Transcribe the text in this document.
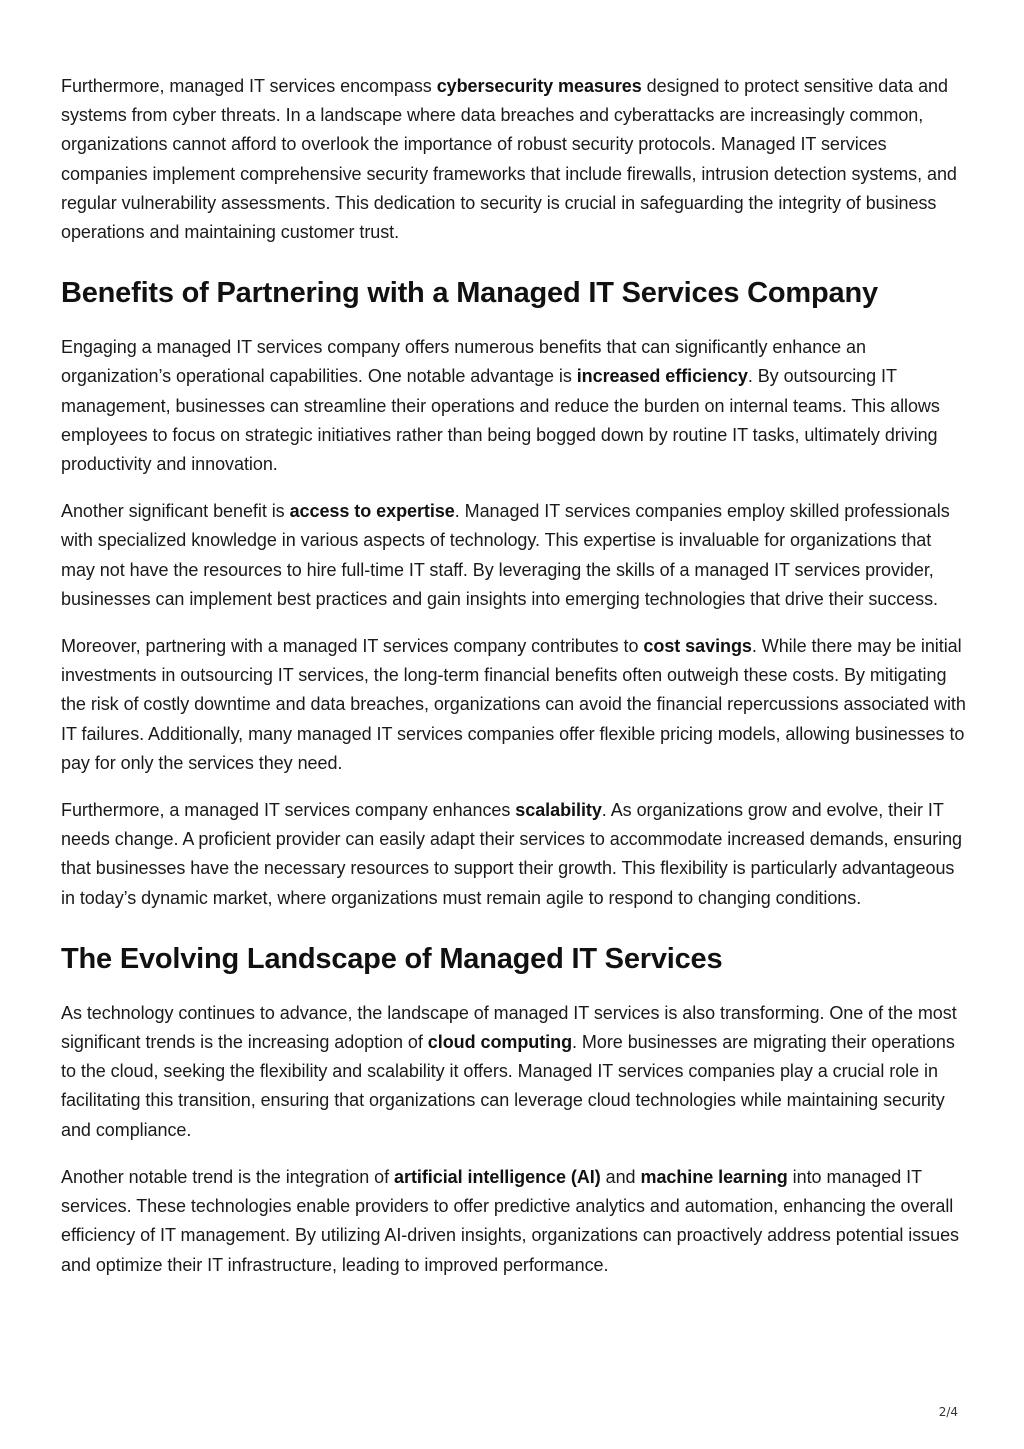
Furthermore, managed IT services encompass cybersecurity measures designed to protect sensitive data and systems from cyber threats. In a landscape where data breaches and cyberattacks are increasingly common, organizations cannot afford to overlook the importance of robust security protocols. Managed IT services companies implement comprehensive security frameworks that include firewalls, intrusion detection systems, and regular vulnerability assessments. This dedication to security is crucial in safeguarding the integrity of business operations and maintaining customer trust.

Benefits of Partnering with a Managed IT Services Company

Engaging a managed IT services company offers numerous benefits that can significantly enhance an organization’s operational capabilities. One notable advantage is increased efficiency. By outsourcing IT management, businesses can streamline their operations and reduce the burden on internal teams. This allows employees to focus on strategic initiatives rather than being bogged down by routine IT tasks, ultimately driving productivity and innovation.

Another significant benefit is access to expertise. Managed IT services companies employ skilled professionals with specialized knowledge in various aspects of technology. This expertise is invaluable for organizations that may not have the resources to hire full-time IT staff. By leveraging the skills of a managed IT services provider, businesses can implement best practices and gain insights into emerging technologies that drive their success.

Moreover, partnering with a managed IT services company contributes to cost savings. While there may be initial investments in outsourcing IT services, the long-term financial benefits often outweigh these costs. By mitigating the risk of costly downtime and data breaches, organizations can avoid the financial repercussions associated with IT failures. Additionally, many managed IT services companies offer flexible pricing models, allowing businesses to pay for only the services they need.

Furthermore, a managed IT services company enhances scalability. As organizations grow and evolve, their IT needs change. A proficient provider can easily adapt their services to accommodate increased demands, ensuring that businesses have the necessary resources to support their growth. This flexibility is particularly advantageous in today’s dynamic market, where organizations must remain agile to respond to changing conditions.

The Evolving Landscape of Managed IT Services

As technology continues to advance, the landscape of managed IT services is also transforming. One of the most significant trends is the increasing adoption of cloud computing. More businesses are migrating their operations to the cloud, seeking the flexibility and scalability it offers. Managed IT services companies play a crucial role in facilitating this transition, ensuring that organizations can leverage cloud technologies while maintaining security and compliance.

Another notable trend is the integration of artificial intelligence (AI) and machine learning into managed IT services. These technologies enable providers to offer predictive analytics and automation, enhancing the overall efficiency of IT management. By utilizing AI-driven insights, organizations can proactively address potential issues and optimize their IT infrastructure, leading to improved performance.

2/4
